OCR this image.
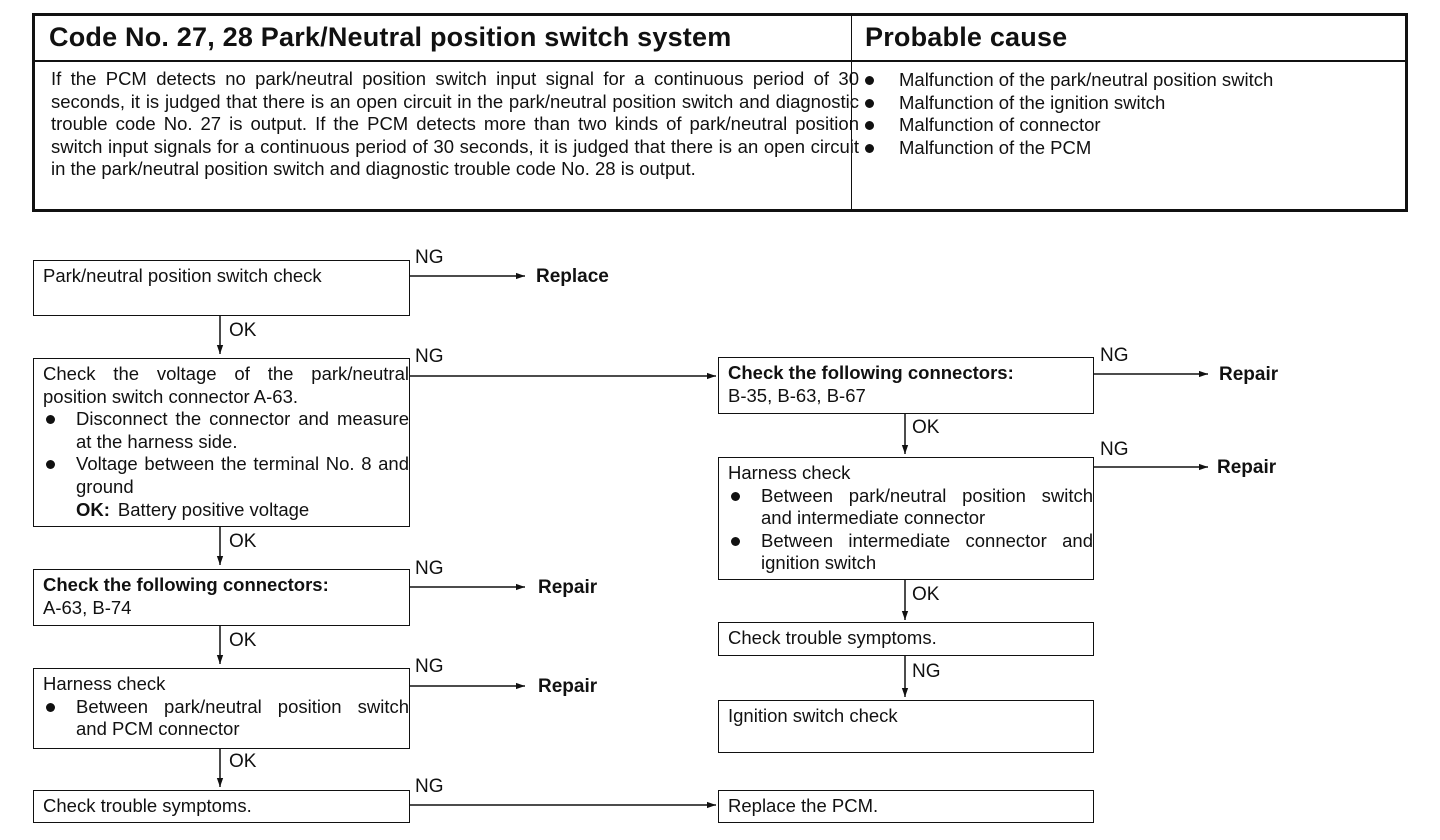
Code No. 27, 28 Park/Neutral position switch system	Probable cause

If the PCM detects no park/neutral position switch input signal for a continuous period of 30 seconds, it is judged that there is an open circuit in the park/neutral position switch and diagnostic trouble code No. 27 is output. If the PCM detects more than two kinds of park/neutral position switch input signals for a continuous period of 30 seconds, it is judged that there is an open circuit in the park/neutral position switch and diagnostic trouble code No. 28 is output.

Malfunction of the park/neutral position switch
Malfunction of the ignition switch
Malfunction of connector
Malfunction of the PCM
Park/neutral position switch check
Check the voltage of the park/neutral position switch connector A-63.
Disconnect the connector and measure at the harness side.
Voltage between the terminal No. 8 and ground
OK: Battery positive voltage
Check the following connectors:
A-63, B-74
Harness check
Between park/neutral position switch and PCM connector
Check trouble symptoms.
Check the following connectors:
B-35, B-63, B-67
Harness check
Between park/neutral position switch and intermediate connector
Between intermediate connector and ignition switch
Check trouble symptoms.
Ignition switch check
Replace the PCM.
NG
NG
NG
NG
NG
NG
NG
NG
OK
OK
OK
OK
OK
OK
Replace
Repair
Repair
Repair
Repair
